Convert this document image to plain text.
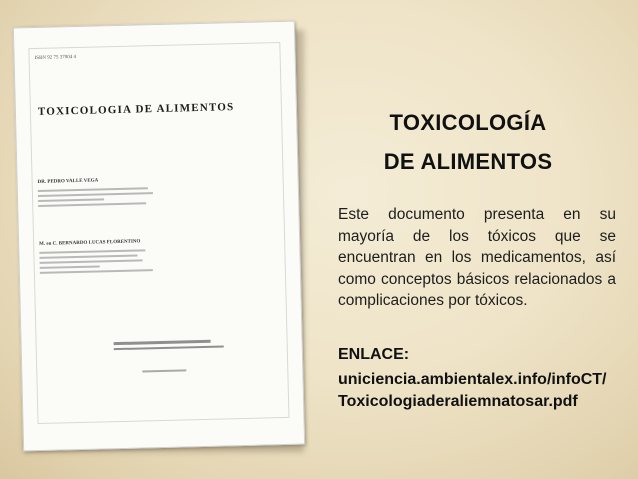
ISBN 92 75 37004 4
TOXICOLOGIA DE ALIMENTOS
DR. PEDRO VALLE VEGA
M. en C. BERNARDO LUCAS FLORENTINO
TOXICOLOGÍA
DE ALIMENTOS
Este documento presenta en su mayoría de los tóxicos que se encuentran en los medicamentos, así como conceptos básicos relacionados a complicaciones por tóxicos.
ENLACE:
uniciencia.ambientalex.info/infoCT/Toxicologiaderaliemnatosar.pdf
